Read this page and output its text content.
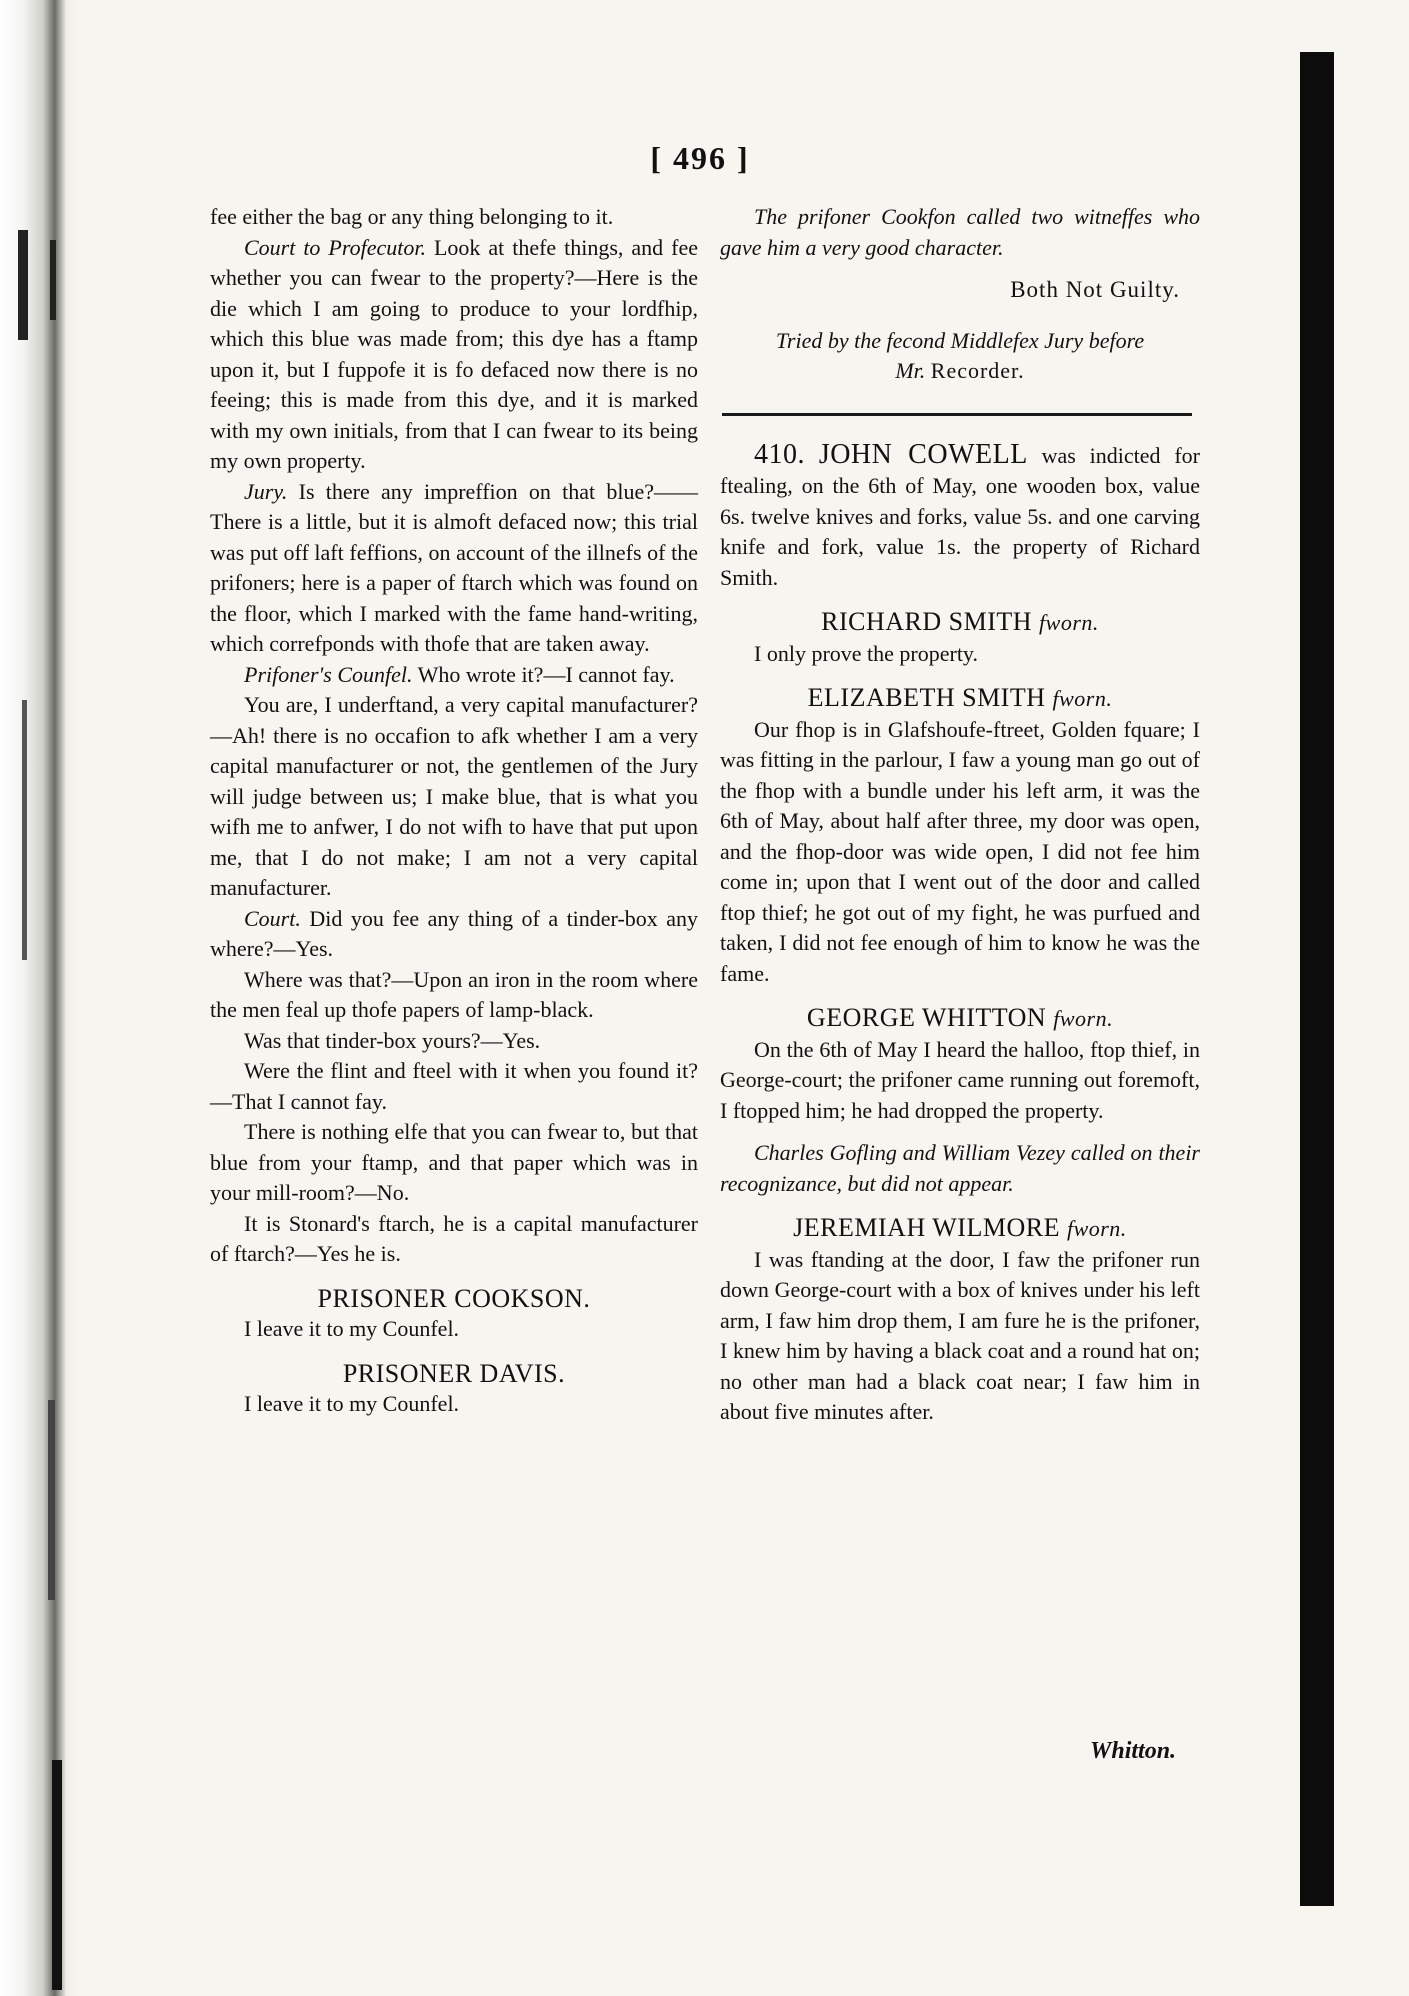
[ 496 ]

fee either the bag or any thing belonging to it.

Court to Profecutor. Look at thefe things, and fee whether you can fwear to the property?—Here is the die which I am going to produce to your lordfhip, which this blue was made from; this dye has a ftamp upon it, but I fuppofe it is fo defaced now there is no feeing; this is made from this dye, and it is marked with my own initials, from that I can fwear to its being my own property.

Jury. Is there any impreffion on that blue?——There is a little, but it is almoft defaced now; this trial was put off laft feffions, on account of the illnefs of the prifoners; here is a paper of ftarch which was found on the floor, which I marked with the fame hand-writing, which correfponds with thofe that are taken away.

Prifoner's Counfel. Who wrote it?—I cannot fay.

You are, I underftand, a very capital manufacturer?—Ah! there is no occafion to afk whether I am a very capital manufacturer or not, the gentlemen of the Jury will judge between us; I make blue, that is what you wifh me to anfwer, I do not wifh to have that put upon me, that I do not make; I am not a very capital manufacturer.

Court. Did you fee any thing of a tinder-box any where?—Yes.

Where was that?—Upon an iron in the room where the men feal up thofe papers of lamp-black.

Was that tinder-box yours?—Yes.

Were the flint and fteel with it when you found it?—That I cannot fay.

There is nothing elfe that you can fwear to, but that blue from your ftamp, and that paper which was in your mill-room?—No.

It is Stonard's ftarch, he is a capital manufacturer of ftarch?—Yes he is.

PRISONER COOKSON.

I leave it to my Counfel.

PRISONER DAVIS.

I leave it to my Counfel.

The prifoner Cookfon called two witneffes who gave him a very good character.

Both Not Guilty.
Tried by the fecond Middlefex Jury before
Mr. Recorder.

410. JOHN COWELL was indicted for ftealing, on the 6th of May, one wooden box, value 6s. twelve knives and forks, value 5s. and one carving knife and fork, value 1s. the property of Richard Smith.

RICHARD SMITH fworn.

I only prove the property.

ELIZABETH SMITH fworn.

Our fhop is in Glafshoufe-ftreet, Golden fquare; I was fitting in the parlour, I faw a young man go out of the fhop with a bundle under his left arm, it was the 6th of May, about half after three, my door was open, and the fhop-door was wide open, I did not fee him come in; upon that I went out of the door and called ftop thief; he got out of my fight, he was purfued and taken, I did not fee enough of him to know he was the fame.

GEORGE WHITTON fworn.

On the 6th of May I heard the halloo, ftop thief, in George-court; the prifoner came running out foremoft, I ftopped him; he had dropped the property.

Charles Gofling and William Vezey called on their recognizance, but did not appear.

JEREMIAH WILMORE fworn.

I was ftanding at the door, I faw the prifoner run down George-court with a box of knives under his left arm, I faw him drop them, I am fure he is the prifoner, I knew him by having a black coat and a round hat on; no other man had a black coat near; I faw him in about five minutes after.

Whitton.
